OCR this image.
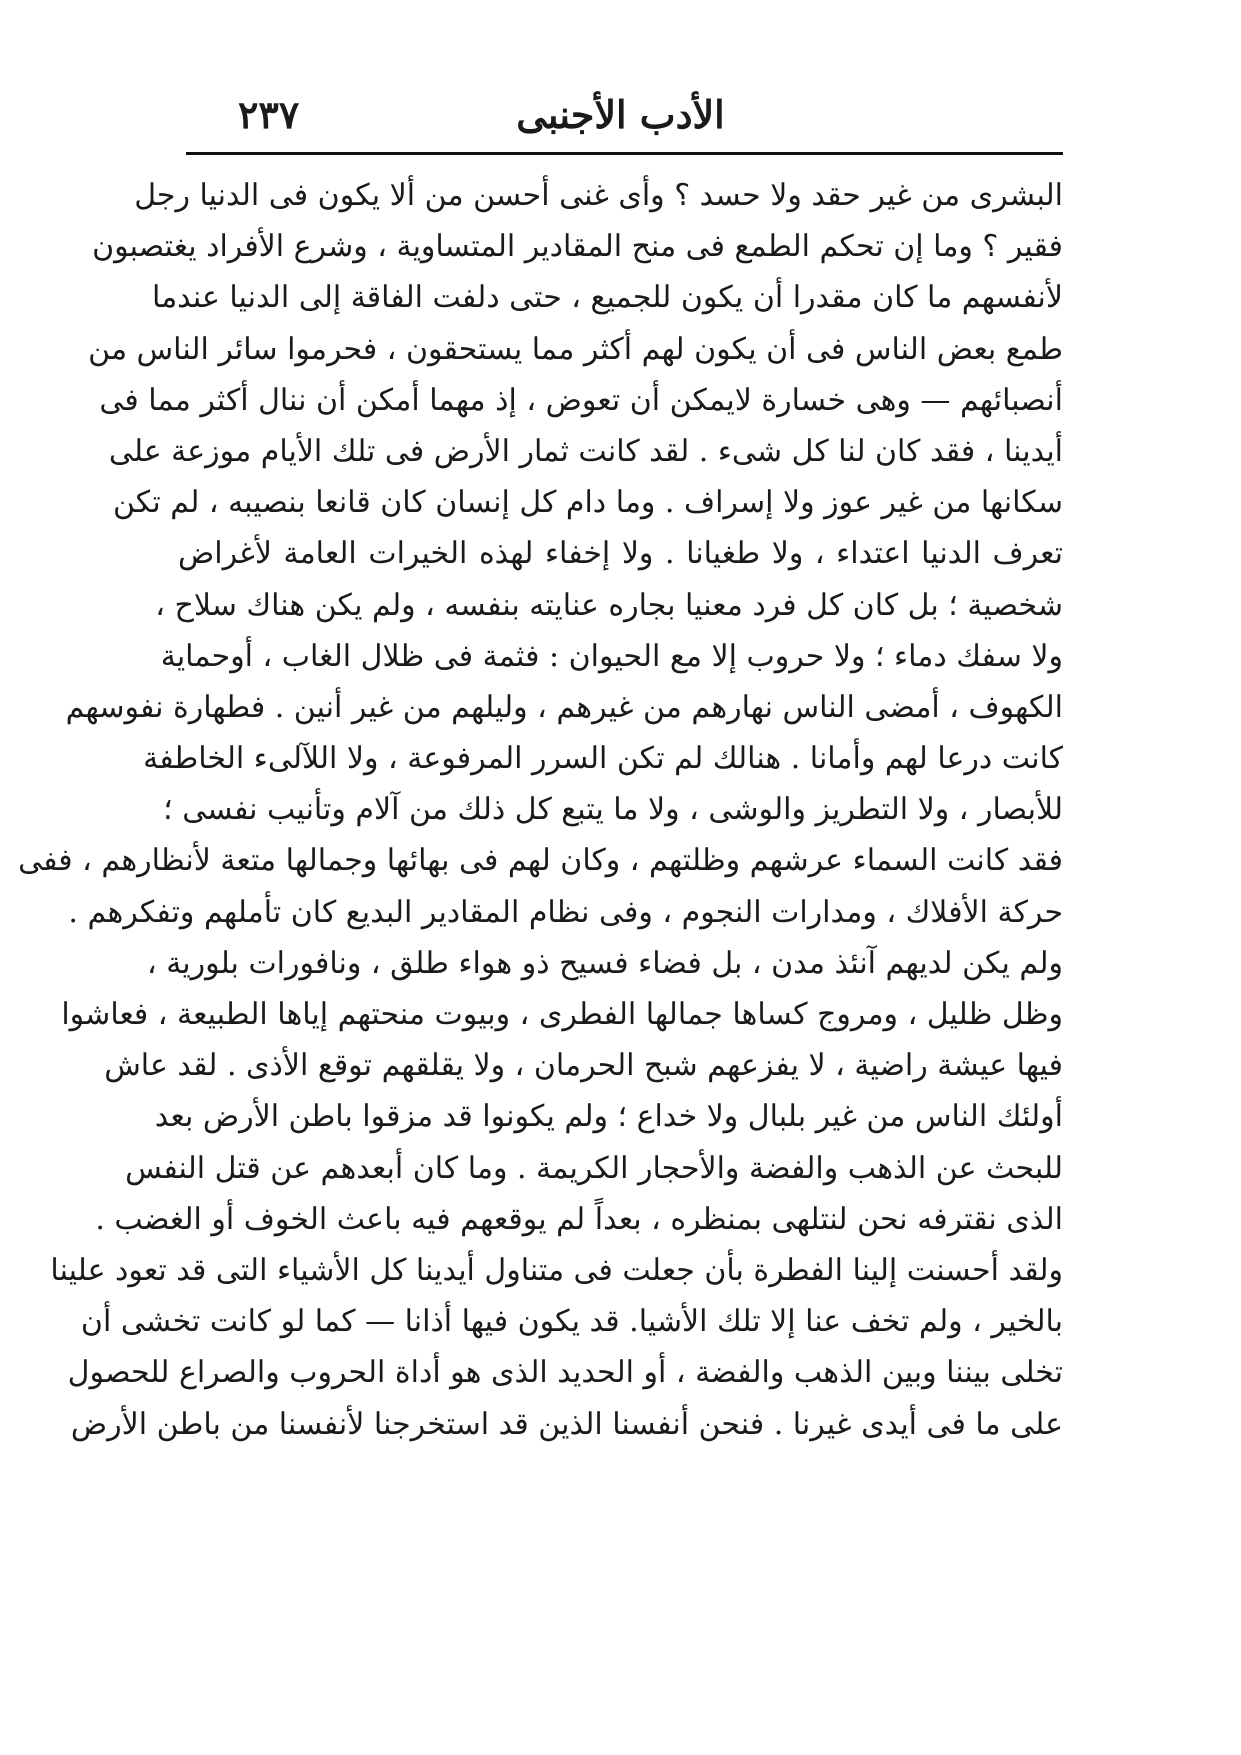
الأدب الأجنبى
٢٣٧
البشرى من غير حقد ولا حسد ؟ وأى غنى أحسن من ألا يكون فى الدنيا رجل
فقير ؟ وما إن تحكم الطمع فى منح المقادير المتساوية ، وشرع الأفراد يغتصبون
لأنفسهم ما كان مقدرا أن يكون للجميع ، حتى دلفت الفاقة إلى الدنيا عندما
طمع بعض الناس فى أن يكون لهم أكثر مما يستحقون ، فحرموا سائر الناس من
أنصبائهم — وهى خسارة لايمكن أن تعوض ، إذ مهما أمكن أن ننال أكثر مما فى
أيدينا ، فقد كان لنا كل شىء . لقد كانت ثمار الأرض فى تلك الأيام موزعة على
سكانها من غير عوز ولا إسراف . وما دام كل إنسان كان قانعا بنصيبه ، لم تكن
تعرف الدنيا اعتداء ، ولا طغيانا . ولا إخفاء لهذه الخيرات العامة لأغراض
شخصية ؛ بل كان كل فرد معنيا بجاره عنايته بنفسه ، ولم يكن هناك سلاح ،
ولا سفك دماء ؛ ولا حروب إلا مع الحيوان : فثمة فى ظلال الغاب ، أوحماية
الكهوف ، أمضى الناس نهارهم من غيرهم ، وليلهم من غير أنين . فطهارة نفوسهم
كانت درعا لهم وأمانا . هنالك لم تكن السرر المرفوعة ، ولا اللآلىء الخاطفة
للأبصار ، ولا التطريز والوشى ، ولا ما يتبع كل ذلك من آلام وتأنيب نفسى ؛
فقد كانت السماء عرشهم وظلتهم ، وكان لهم فى بهائها وجمالها متعة لأنظارهم ، ففى
حركة الأفلاك ، ومدارات النجوم ، وفى نظام المقادير البديع كان تأملهم وتفكرهم .
ولم يكن لديهم آنئذ مدن ، بل فضاء فسيح ذو هواء طلق ، ونافورات بلورية ،
وظل ظليل ، ومروج كساها جمالها الفطرى ، وبيوت منحتهم إياها الطبيعة ، فعاشوا
فيها عيشة راضية ، لا يفزعهم شبح الحرمان ، ولا يقلقهم توقع الأذى . لقد عاش
أولئك الناس من غير بلبال ولا خداع ؛ ولم يكونوا قد مزقوا باطن الأرض بعد
للبحث عن الذهب والفضة والأحجار الكريمة . وما كان أبعدهم عن قتل النفس
الذى نقترفه نحن لنتلهى بمنظره ، بعداً لم يوقعهم فيه باعث الخوف أو الغضب .
ولقد أحسنت إلينا الفطرة بأن جعلت فى متناول أيدينا كل الأشياء التى قد تعود علينا
بالخير ، ولم تخف عنا إلا تلك الأشيا. قد يكون فيها أذانا — كما لو كانت تخشى أن
تخلى بيننا وبين الذهب والفضة ، أو الحديد الذى هو أداة الحروب والصراع للحصول
على ما فى أيدى غيرنا . فنحن أنفسنا الذين قد استخرجنا لأنفسنا من باطن الأرض
